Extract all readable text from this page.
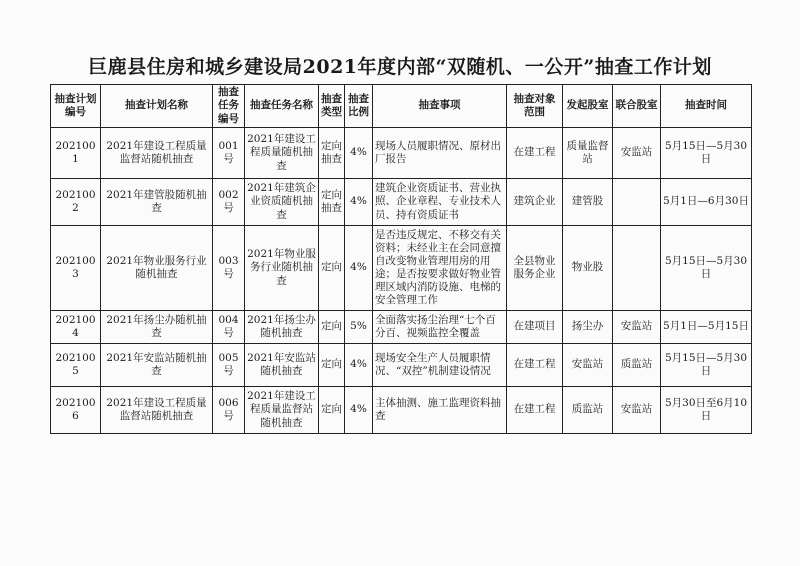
巨鹿县住房和城乡建设局2021年度内部“双随机、一公开”抽查工作计划
抽查计划编号	抽查计划名称	抽查任务编号	抽查任务名称	抽查类型	抽查比例	抽查事项	抽查对象范围	发起股室	联合股室	抽查时间
2021001	2021年建设工程质量监督站随机抽查	001号	2021年建设工程质量随机抽查	定向抽查	4%	现场人员履职情况、原材出厂报告	在建工程	质量监督站	安监站	5月15日—5月30日
2021002	2021年建管股随机抽查	002号	2021年建筑企业资质随机抽查	定向抽查	4%	建筑企业资质证书、营业执照、企业章程、专业技术人员、持有资质证书	建筑企业	建管股		5月1日—6月30日
2021003	2021年物业服务行业随机抽查	003号	2021年物业服务行业随机抽查	定向	4%	是否违反规定、不移交有关资料；未经业主在会同意擅自改变物业管理用房的用途；是否按要求做好物业管理区域内消防设施、电梯的安全管理工作	全县物业服务企业	物业股		5月15日—5月30日
2021004	2021年扬尘办随机抽查	004号	2021年扬尘办随机抽查	定向	5%	全面落实扬尘治理“七个百分百、视频监控全覆盖	在建项目	扬尘办	安监站	5月1日—5月15日
2021005	2021年安监站随机抽查	005号	2021年安监站随机抽查	定向	4%	现场安全生产人员履职情况、“双控”机制建设情况	在建工程	安监站	质监站	5月15日—5月30日
2021006	2021年建设工程质量监督站随机抽查	006号	2021年建设工程质量监督站随机抽查	定向	4%	主体抽测、施工监理资料抽查	在建工程	质监站	安监站	5月30日至6月10日
